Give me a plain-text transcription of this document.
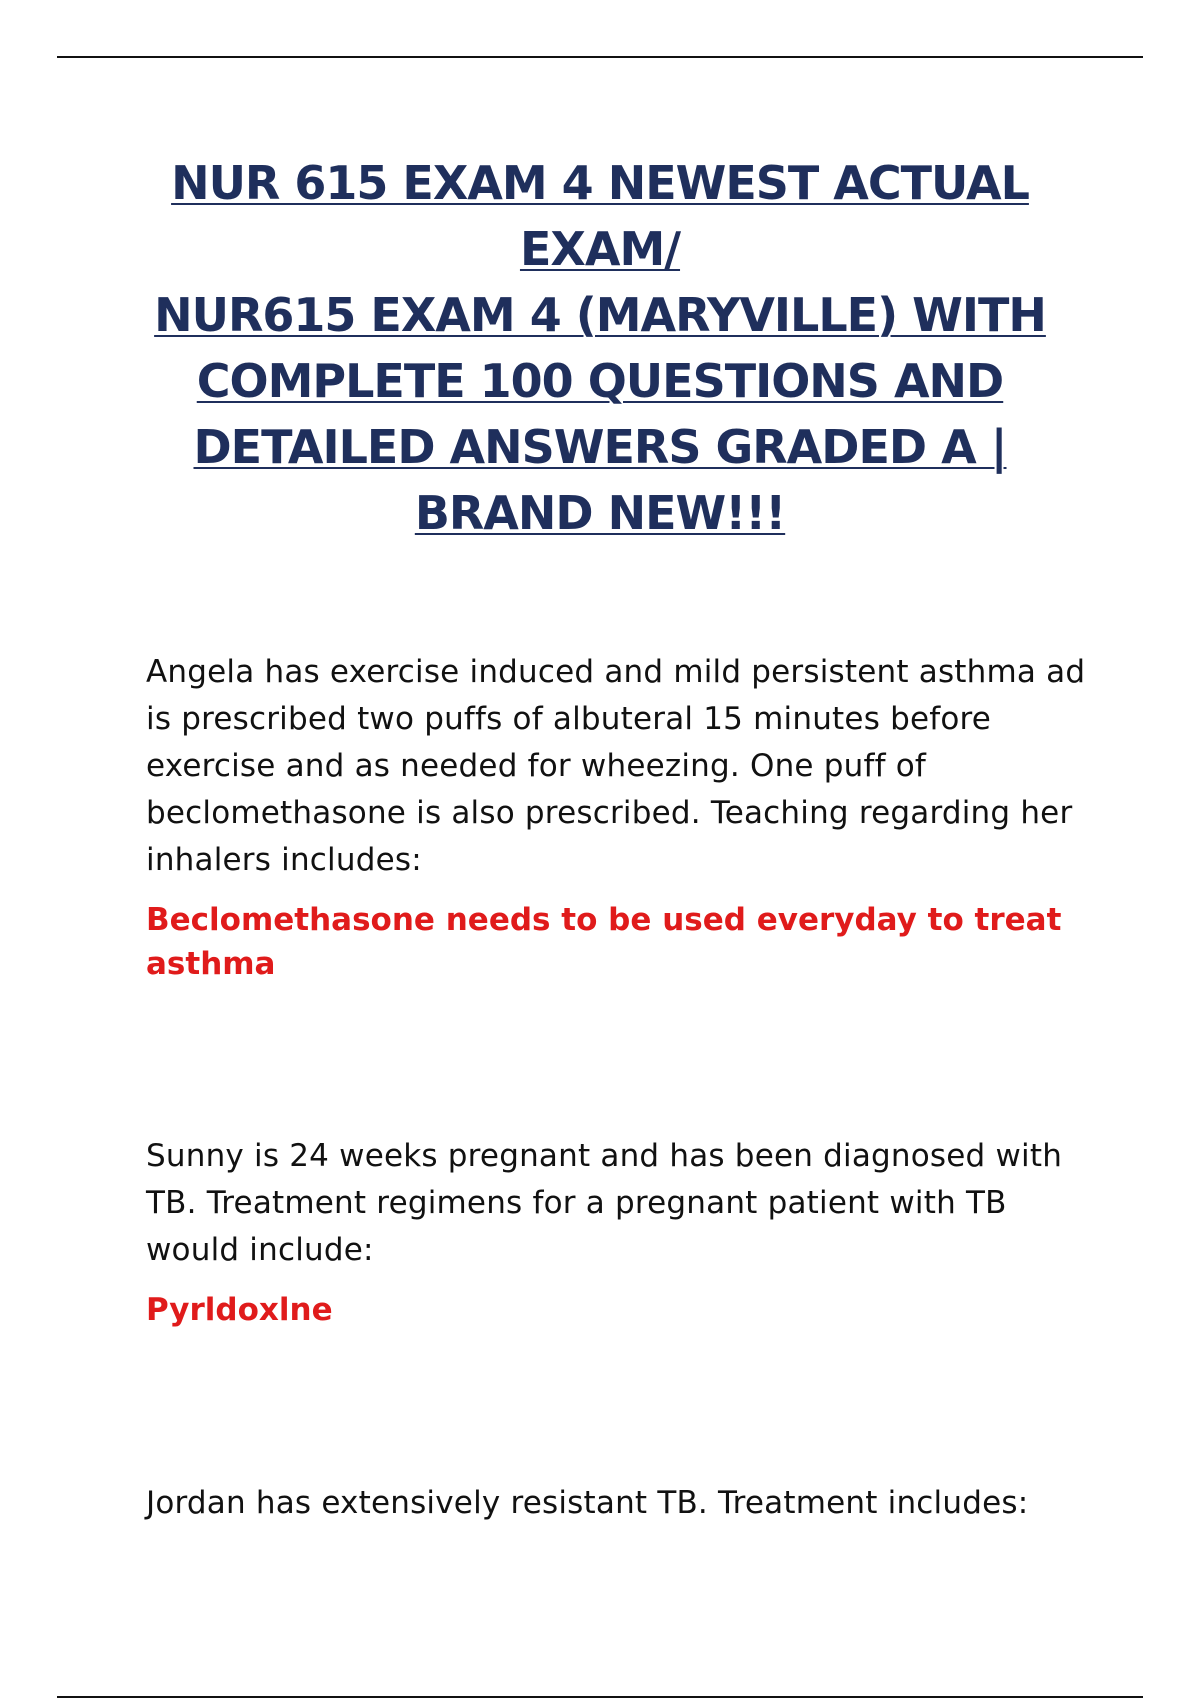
NUR 615 EXAM 4 NEWEST ACTUAL
EXAM/
NUR615 EXAM 4 (MARYVILLE) WITH
COMPLETE 100 QUESTIONS AND
DETAILED ANSWERS GRADED A |
BRAND NEW!!!
Angela has exercise induced and mild persistent asthma ad is prescribed two puffs of albuteral 15 minutes before exercise and as needed for wheezing. One puff of beclomethasone is also prescribed. Teaching regarding her inhalers includes:
Beclomethasone needs to be used everyday to treat asthma
Sunny is 24 weeks pregnant and has been diagnosed with TB. Treatment regimens for a pregnant patient with TB would include:
Pyrldoxlne
Jordan has extensively resistant TB. Treatment includes:
